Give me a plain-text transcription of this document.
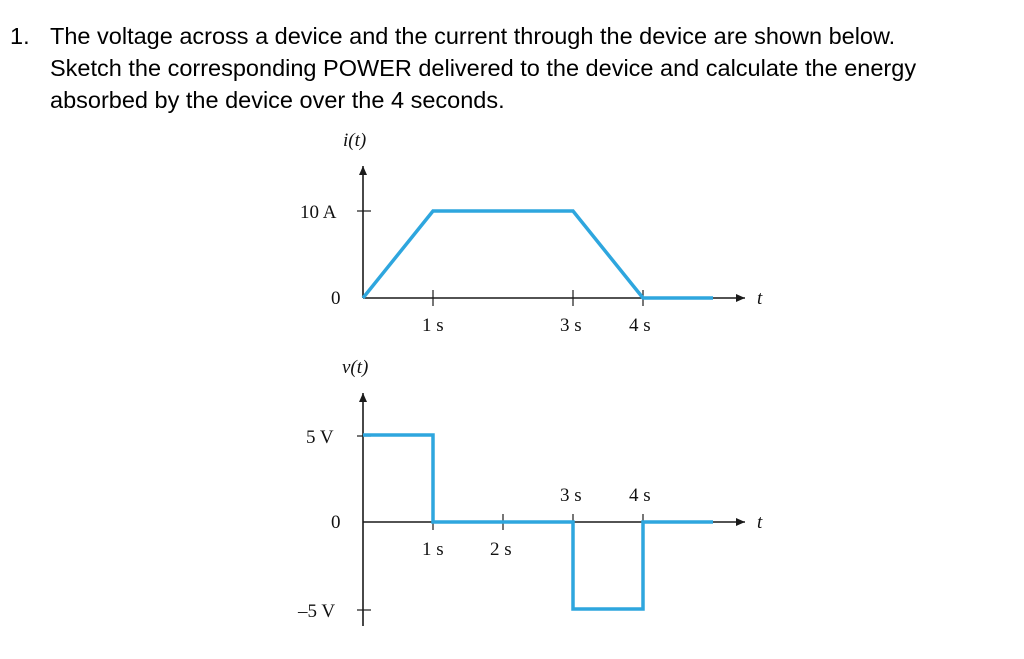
1. The voltage across a device and the current through the device are shown below.
Sketch the corresponding POWER delivered to the device and calculate the energy
absorbed by the device over the 4 seconds.
i(t)
t
10 A
0
1 s	3 s 4 s
v(t)
t
5 V
–5 V
0
1 s 2 s
3 s 4 s
